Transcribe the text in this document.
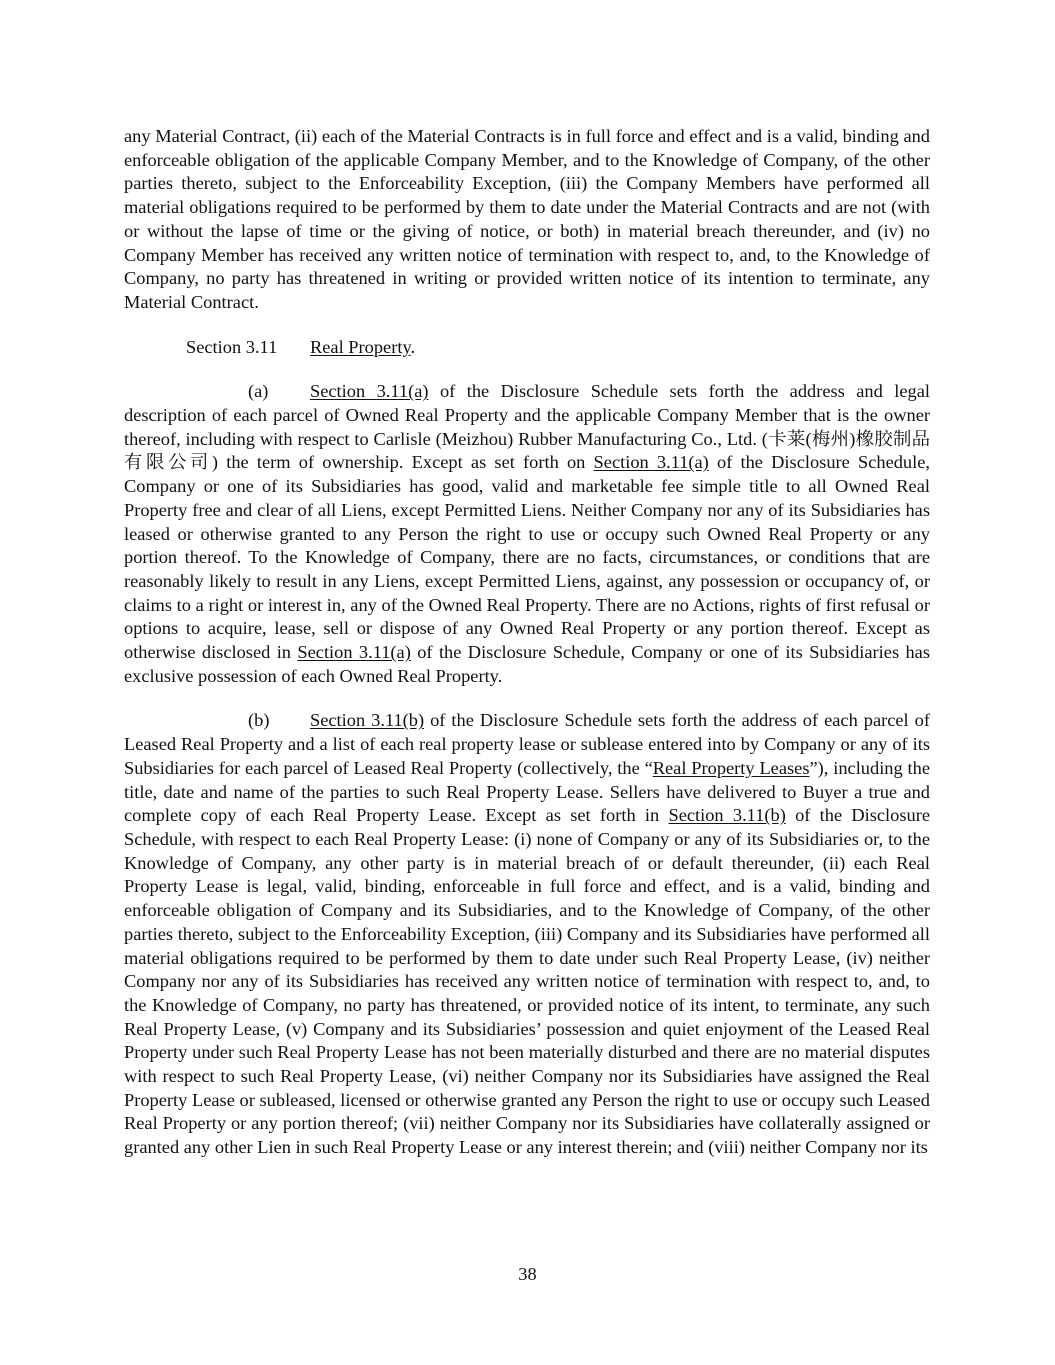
any Material Contract, (ii) each of the Material Contracts is in full force and effect and is a valid, binding and enforceable obligation of the applicable Company Member, and to the Knowledge of Company, of the other parties thereto, subject to the Enforceability Exception, (iii) the Company Members have performed all material obligations required to be performed by them to date under the Material Contracts and are not (with or without the lapse of time or the giving of notice, or both) in material breach thereunder, and (iv) no Company Member has received any written notice of termination with respect to, and, to the Knowledge of Company, no party has threatened in writing or provided written notice of its intention to terminate, any Material Contract.

Section 3.11 Real Property.

(a) Section 3.11(a) of the Disclosure Schedule sets forth the address and legal description of each parcel of Owned Real Property and the applicable Company Member that is the owner thereof, including with respect to Carlisle (Meizhou) Rubber Manufacturing Co., Ltd. (卡莱(梅州)橡胶制品有限公司) the term of ownership. Except as set forth on Section 3.11(a) of the Disclosure Schedule, Company or one of its Subsidiaries has good, valid and marketable fee simple title to all Owned Real Property free and clear of all Liens, except Permitted Liens. Neither Company nor any of its Subsidiaries has leased or otherwise granted to any Person the right to use or occupy such Owned Real Property or any portion thereof. To the Knowledge of Company, there are no facts, circumstances, or conditions that are reasonably likely to result in any Liens, except Permitted Liens, against, any possession or occupancy of, or claims to a right or interest in, any of the Owned Real Property. There are no Actions, rights of first refusal or options to acquire, lease, sell or dispose of any Owned Real Property or any portion thereof. Except as otherwise disclosed in Section 3.11(a) of the Disclosure Schedule, Company or one of its Subsidiaries has exclusive possession of each Owned Real Property.

(b) Section 3.11(b) of the Disclosure Schedule sets forth the address of each parcel of Leased Real Property and a list of each real property lease or sublease entered into by Company or any of its Subsidiaries for each parcel of Leased Real Property (collectively, the “Real Property Leases”), including the title, date and name of the parties to such Real Property Lease. Sellers have delivered to Buyer a true and complete copy of each Real Property Lease. Except as set forth in Section 3.11(b) of the Disclosure Schedule, with respect to each Real Property Lease: (i) none of Company or any of its Subsidiaries or, to the Knowledge of Company, any other party is in material breach of or default thereunder, (ii) each Real Property Lease is legal, valid, binding, enforceable in full force and effect, and is a valid, binding and enforceable obligation of Company and its Subsidiaries, and to the Knowledge of Company, of the other parties thereto, subject to the Enforceability Exception, (iii) Company and its Subsidiaries have performed all material obligations required to be performed by them to date under such Real Property Lease, (iv) neither Company nor any of its Subsidiaries has received any written notice of termination with respect to, and, to the Knowledge of Company, no party has threatened, or provided notice of its intent, to terminate, any such Real Property Lease, (v) Company and its Subsidiaries’ possession and quiet enjoyment of the Leased Real Property under such Real Property Lease has not been materially disturbed and there are no material disputes with respect to such Real Property Lease, (vi) neither Company nor its Subsidiaries have assigned the Real Property Lease or subleased, licensed or otherwise granted any Person the right to use or occupy such Leased Real Property or any portion thereof; (vii) neither Company nor its Subsidiaries have collaterally assigned or granted any other Lien in such Real Property Lease or any interest therein; and (viii) neither Company nor its

38
